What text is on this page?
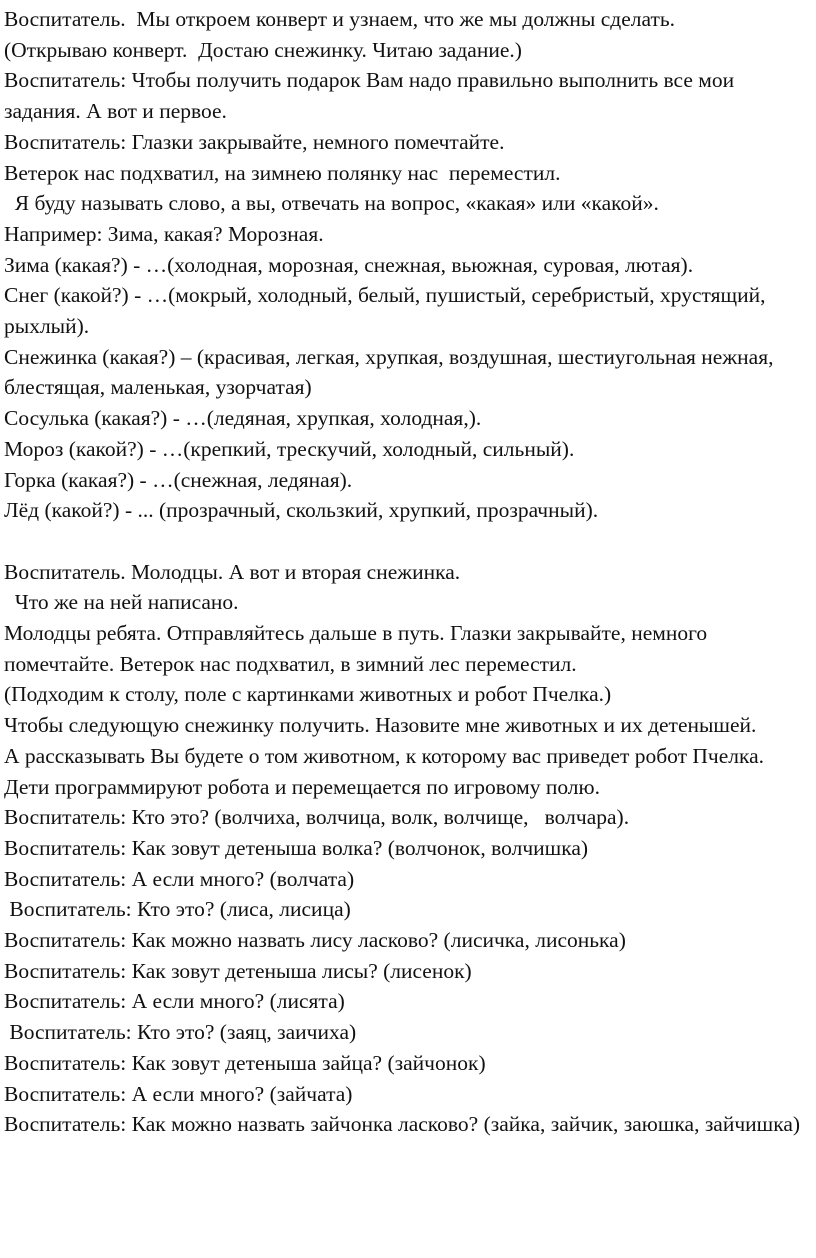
Воспитатель.  Мы откроем конверт и узнаем, что же мы должны сделать.
(Открываю конверт.  Достаю снежинку. Читаю задание.)
Воспитатель: Чтобы получить подарок Вам надо правильно выполнить все мои задания. А вот и первое.
Воспитатель: Глазки закрывайте, немного помечтайте.
Ветерок нас подхватил, на зимнею полянку нас  переместил.
Я буду называть слово, а вы, отвечать на вопрос, «какая» или «какой».
Например: Зима, какая? Морозная.
Зима (какая?) - …(холодная, морозная, снежная, вьюжная, суровая, лютая).
Снег (какой?) - …(мокрый, холодный, белый, пушистый, серебристый, хрустящий, рыхлый).
Снежинка (какая?) – (красивая, легкая, хрупкая, воздушная, шестиугольная нежная, блестящая, маленькая, узорчатая)
Сосулька (какая?) - …(ледяная, хрупкая, холодная,).
Мороз (какой?) - …(крепкий, трескучий, холодный, сильный).
Горка (какая?) - …(снежная, ледяная).
Лёд (какой?) - ... (прозрачный, скользкий, хрупкий, прозрачный).
Воспитатель. Молодцы. А вот и вторая снежинка.
Что же на ней написано.
Молодцы ребята. Отправляйтесь дальше в путь. Глазки закрывайте, немного помечтайте. Ветерок нас подхватил, в зимний лес переместил.
(Подходим к столу, поле с картинками животных и робот Пчелка.)
Чтобы следующую снежинку получить. Назовите мне животных и их детенышей.
А рассказывать Вы будете о том животном, к которому вас приведет робот Пчелка.
Дети программируют робота и перемещается по игровому полю.
Воспитатель: Кто это? (волчиха, волчица, волк, волчище,   волчара).
Воспитатель: Как зовут детеныша волка? (волчонок, волчишка)
Воспитатель: А если много? (волчата)
Воспитатель: Кто это? (лиса, лисица)
Воспитатель: Как можно назвать лису ласково? (лисичка, лисонька)
Воспитатель: Как зовут детеныша лисы? (лисенок)
Воспитатель: А если много? (лисята)
Воспитатель: Кто это? (заяц, заичиха)
Воспитатель: Как зовут детеныша зайца? (зайчонок)
Воспитатель: А если много? (зайчата)
Воспитатель: Как можно назвать зайчонка ласково? (зайка, зайчик, заюшка, зайчишка)
